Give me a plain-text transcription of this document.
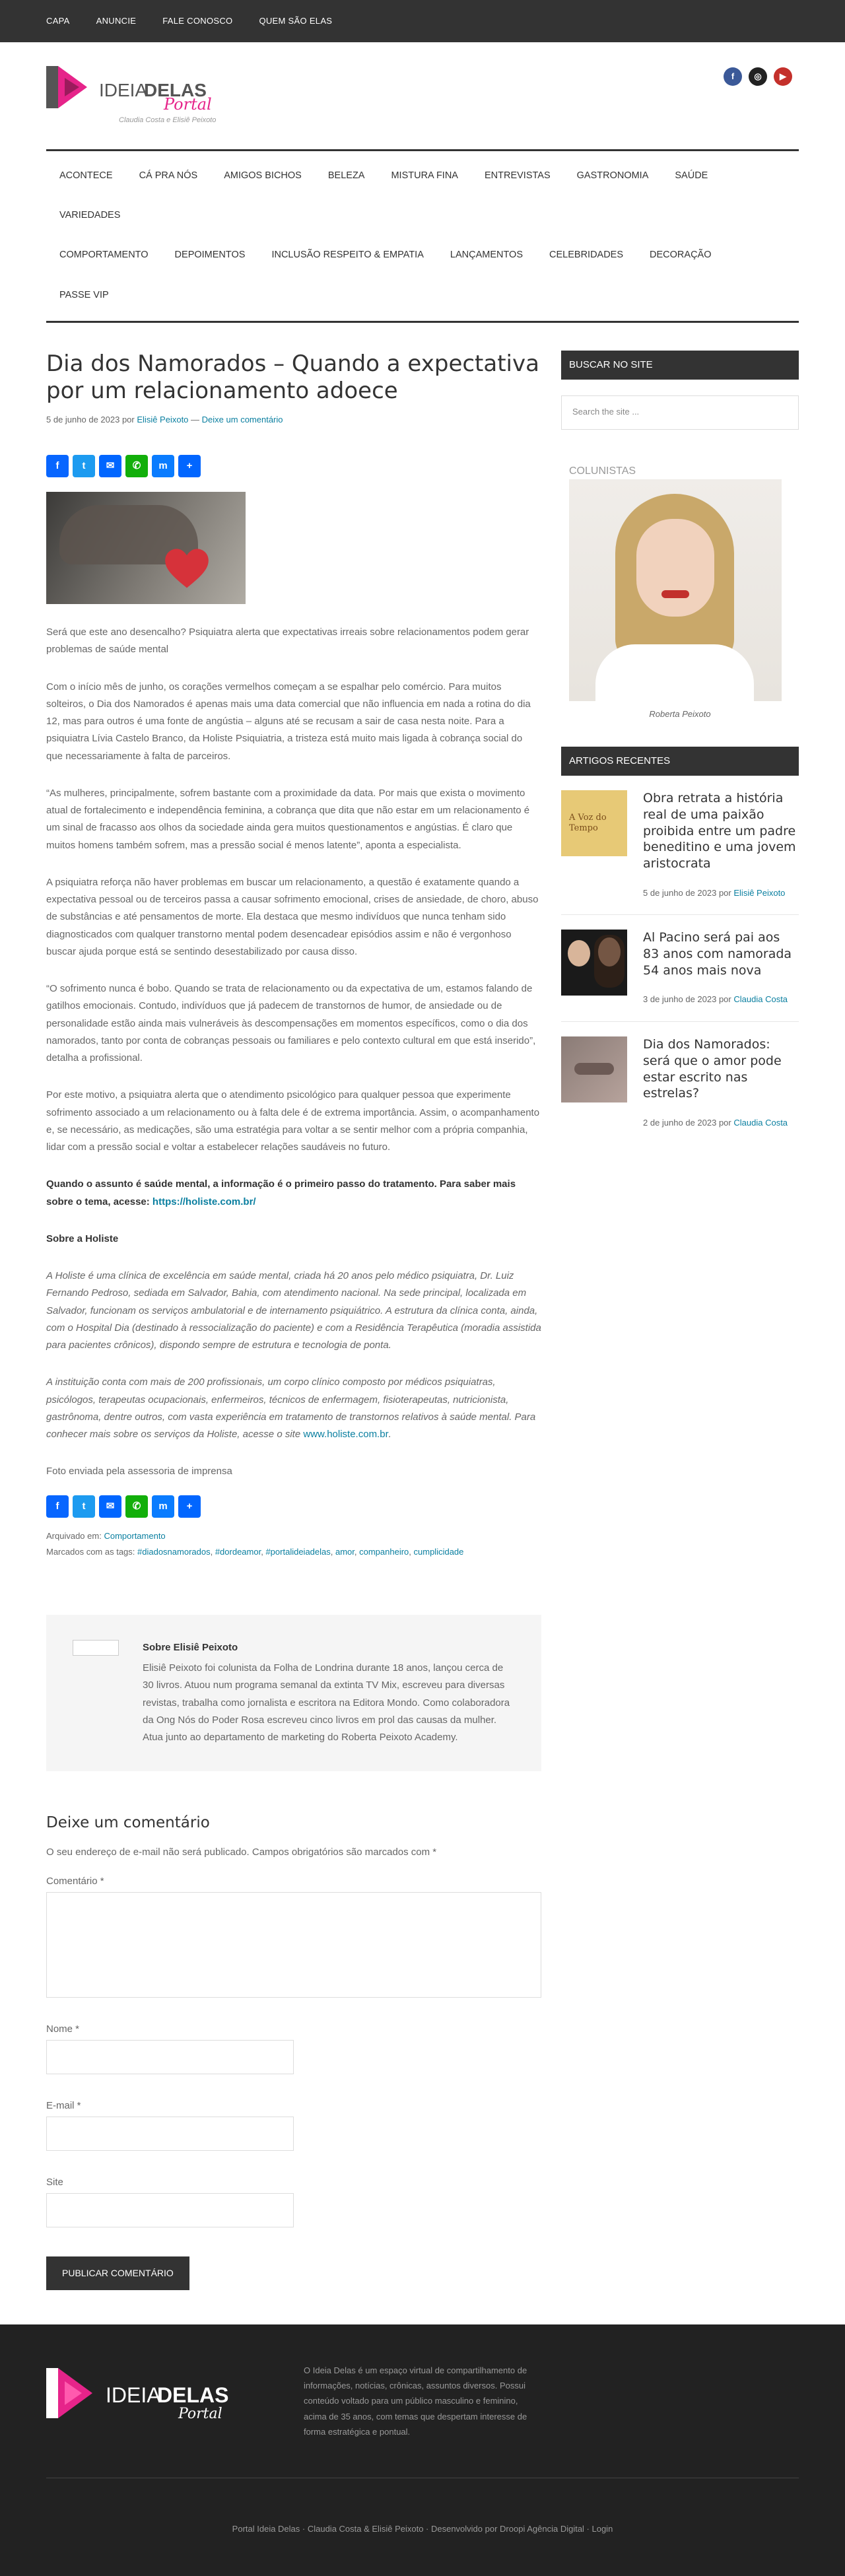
CAPA	ANUNCIE	FALE CONOSCO	QUEM SÃO ELAS
IDEIA
DELAS
Portal
Claudia Costa e Elisiê Peixoto
f	◎	▶
ACONTECE	CÁ PRA NÓS	AMIGOS BICHOS	BELEZA	MISTURA FINA	ENTREVISTAS	GASTRONOMIA	SAÚDE
VARIEDADES
COMPORTAMENTO	DEPOIMENTOS	INCLUSÃO RESPEITO & EMPATIA	LANÇAMENTOS	CELEBRIDADES	DECORAÇÃO
PASSE VIP
Dia dos Namorados – Quando a expectativa por um relacionamento adoece
5 de junho de 2023 por Elisiê Peixoto — Deixe um comentário
f	t	✉	✆	m	+

Será que este ano desencalho? Psiquiatra alerta que expectativas irreais sobre relacionamentos podem gerar problemas de saúde mental

Com o início mês de junho, os corações vermelhos começam a se espalhar pelo comércio. Para muitos solteiros, o Dia dos Namorados é apenas mais uma data comercial que não influencia em nada a rotina do dia 12, mas para outros é uma fonte de angústia – alguns até se recusam a sair de casa nesta noite. Para a psiquiatra Lívia Castelo Branco, da Holiste Psiquiatria, a tristeza está muito mais ligada à cobrança social do que necessariamente à falta de parceiros.

“As mulheres, principalmente, sofrem bastante com a proximidade da data. Por mais que exista o movimento atual de fortalecimento e independência feminina, a cobrança que dita que não estar em um relacionamento é um sinal de fracasso aos olhos da sociedade ainda gera muitos questionamentos e angústias. É claro que muitos homens também sofrem, mas a pressão social é menos latente”, aponta a especialista.

A psiquiatra reforça não haver problemas em buscar um relacionamento, a questão é exatamente quando a expectativa pessoal ou de terceiros passa a causar sofrimento emocional, crises de ansiedade, de choro, abuso de substâncias e até pensamentos de morte. Ela destaca que mesmo indivíduos que nunca tenham sido diagnosticados com qualquer transtorno mental podem desencadear episódios assim e não é vergonhoso buscar ajuda porque está se sentindo desestabilizado por causa disso.

“O sofrimento nunca é bobo. Quando se trata de relacionamento ou da expectativa de um, estamos falando de gatilhos emocionais. Contudo, indivíduos que já padecem de transtornos de humor, de ansiedade ou de personalidade estão ainda mais vulneráveis às descompensações em momentos específicos, como o dia dos namorados, tanto por conta de cobranças pessoais ou familiares e pelo contexto cultural em que está inserido”, detalha a profissional.

Por este motivo, a psiquiatra alerta que o atendimento psicológico para qualquer pessoa que experimente sofrimento associado a um relacionamento ou à falta dele é de extrema importância. Assim, o acompanhamento e, se necessário, as medicações, são uma estratégia para voltar a se sentir melhor com a própria companhia, lidar com a pressão social e voltar a estabelecer relações saudáveis no futuro.

Quando o assunto é saúde mental, a informação é o primeiro passo do tratamento. Para saber mais sobre o tema, acesse: https://holiste.com.br/

Sobre a Holiste

A Holiste é uma clínica de excelência em saúde mental, criada há 20 anos pelo médico psiquiatra, Dr. Luiz Fernando Pedroso, sediada em Salvador, Bahia, com atendimento nacional. Na sede principal, localizada em Salvador, funcionam os serviços ambulatorial e de internamento psiquiátrico. A estrutura da clínica conta, ainda, com o Hospital Dia (destinado à ressocialização do paciente) e com a Residência Terapêutica (moradia assistida para pacientes crônicos), dispondo sempre de estrutura e tecnologia de ponta.

A instituição conta com mais de 200 profissionais, um corpo clínico composto por médicos psiquiatras, psicólogos, terapeutas ocupacionais, enfermeiros, técnicos de enfermagem, fisioterapeutas, nutricionista, gastrônoma, dentre outros, com vasta experiência em tratamento de transtornos relativos à saúde mental. Para conhecer mais sobre os serviços da Holiste, acesse o site www.holiste.com.br.

Foto enviada pela assessoria de imprensa

f	t	✉	✆	m	+
Arquivado em: Comportamento
Marcados com as tags: #diadosnamorados, #dordeamor, #portalideiadelas, amor, companheiro, cumplicidade
Sobre Elisiê Peixoto
Elisiê Peixoto foi colunista da Folha de Londrina durante 18 anos, lançou cerca de 30 livros. Atuou num programa semanal da extinta TV Mix, escreveu para diversas revistas, trabalha como jornalista e escritora na Editora Mondo. Como colaboradora da Ong Nós do Poder Rosa escreveu cinco livros em prol das causas da mulher. Atua junto ao departamento de marketing do Roberta Peixoto Academy.
Deixe um comentário

O seu endereço de e-mail não será publicado. Campos obrigatórios são marcados com *

Comentário *
Nome *
E-mail *
Site
PUBLICAR COMENTÁRIO
BUSCAR NO SITE
Search the site ...
COLUNISTAS
Roberta Peixoto
ARTIGOS RECENTES
A Voz do Tempo
Obra retrata a história real de uma paixão proibida entre um padre beneditino e uma jovem aristocrata
5 de junho de 2023 por Elisiê Peixoto
Al Pacino será pai aos 83 anos com namorada 54 anos mais nova
3 de junho de 2023 por Claudia Costa
Dia dos Namorados: será que o amor pode estar escrito nas estrelas?
2 de junho de 2023 por Claudia Costa
IDEIA
DELAS
Portal
O Ideia Delas é um espaço virtual de compartilhamento de informações, notícias, crônicas, assuntos diversos. Possui conteúdo voltado para um público masculino e feminino, acima de 35 anos, com temas que despertam interesse de forma estratégica e pontual.
Portal Ideia Delas · Claudia Costa & Elisiê Peixoto · Desenvolvido por Droopi Agência Digital · Login
